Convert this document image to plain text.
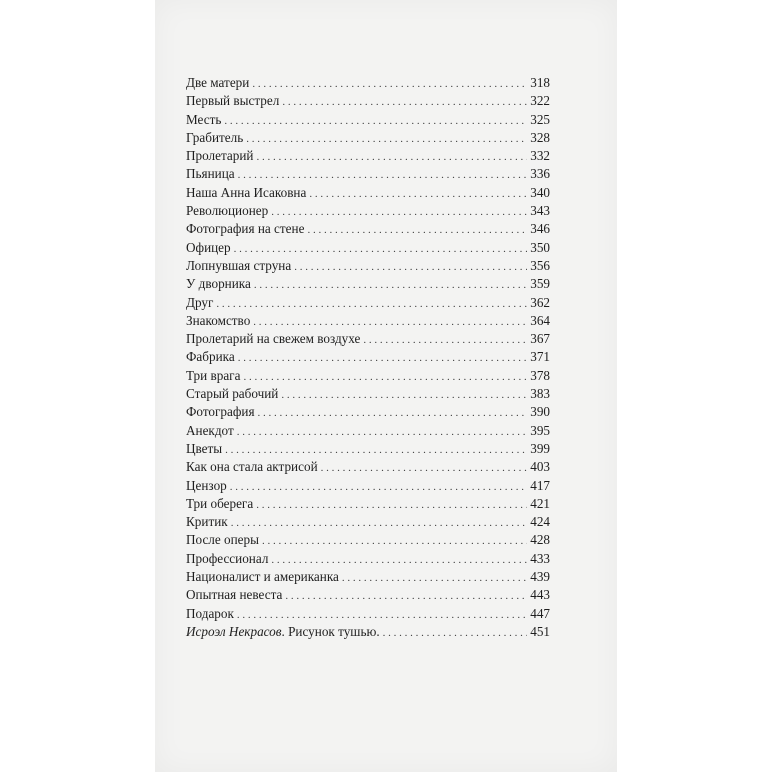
Две матери . . .	318
Первый выстрел . . .	322
Месть . . .	325
Грабитель . . .	328
Пролетарий . . .	332
Пьяница . . .	336
Наша Анна Исаковна . . .	340
Революционер . . .	343
Фотография на стене . . .	346
Офицер . . .	350
Лопнувшая струна . . .	356
У дворника . . .	359
Друг . . .	362
Знакомство . . .	364
Пролетарий на свежем воздухе . . .	367
Фабрика . . .	371
Три врага . . .	378
Старый рабочий . . .	383
Фотография . . .	390
Анекдот . . .	395
Цветы . . .	399
Как она стала актрисой . . .	403
Цензор . . .	417
Три оберега . . .	421
Критик . . .	424
После оперы . . .	428
Профессионал . . .	433
Националист и американка . . .	439
Опытная невеста . . .	443
Подарок . . .	447
Исроэл Некрасов. Рисунок тушью. . . .	451
